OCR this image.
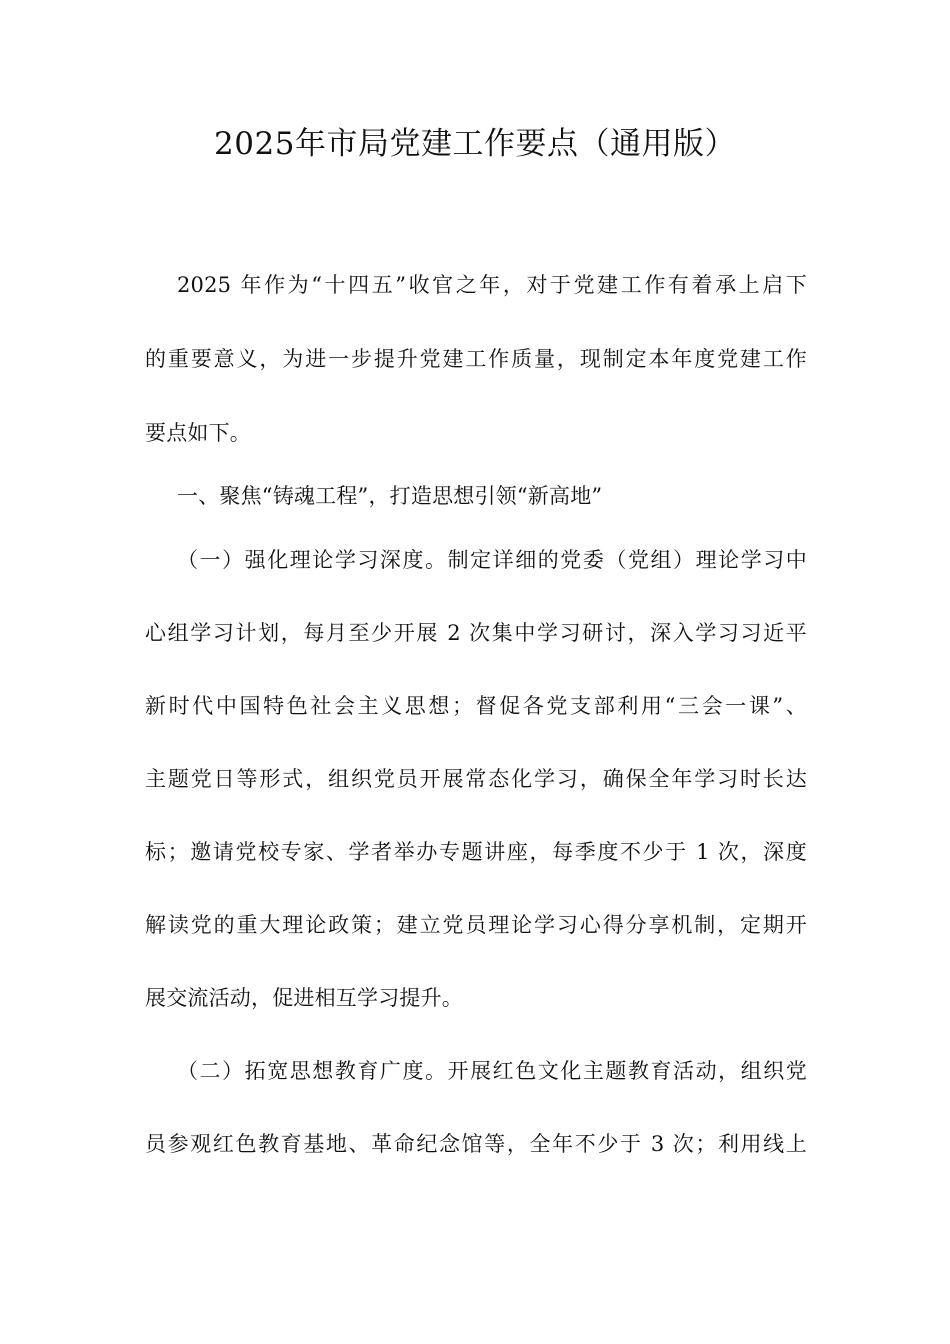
2025年市局党建工作要点（通用版）
2025 年作为“十四五”收官之年，对于党建工作有着承上启下
的重要意义，为进一步提升党建工作质量，现制定本年度党建工作
要点如下。
一、聚焦“铸魂工程”，打造思想引领“新高地”
（一）强化理论学习深度。制定详细的党委（党组）理论学习中
心组学习计划，每月至少开展 2 次集中学习研讨，深入学习习近平
新时代中国特色社会主义思想；督促各党支部利用“三会一课”、
主题党日等形式，组织党员开展常态化学习，确保全年学习时长达
标；邀请党校专家、学者举办专题讲座，每季度不少于 1 次，深度
解读党的重大理论政策；建立党员理论学习心得分享机制，定期开
展交流活动，促进相互学习提升。
（二）拓宽思想教育广度。开展红色文化主题教育活动，组织党
员参观红色教育基地、革命纪念馆等，全年不少于 3 次；利用线上
